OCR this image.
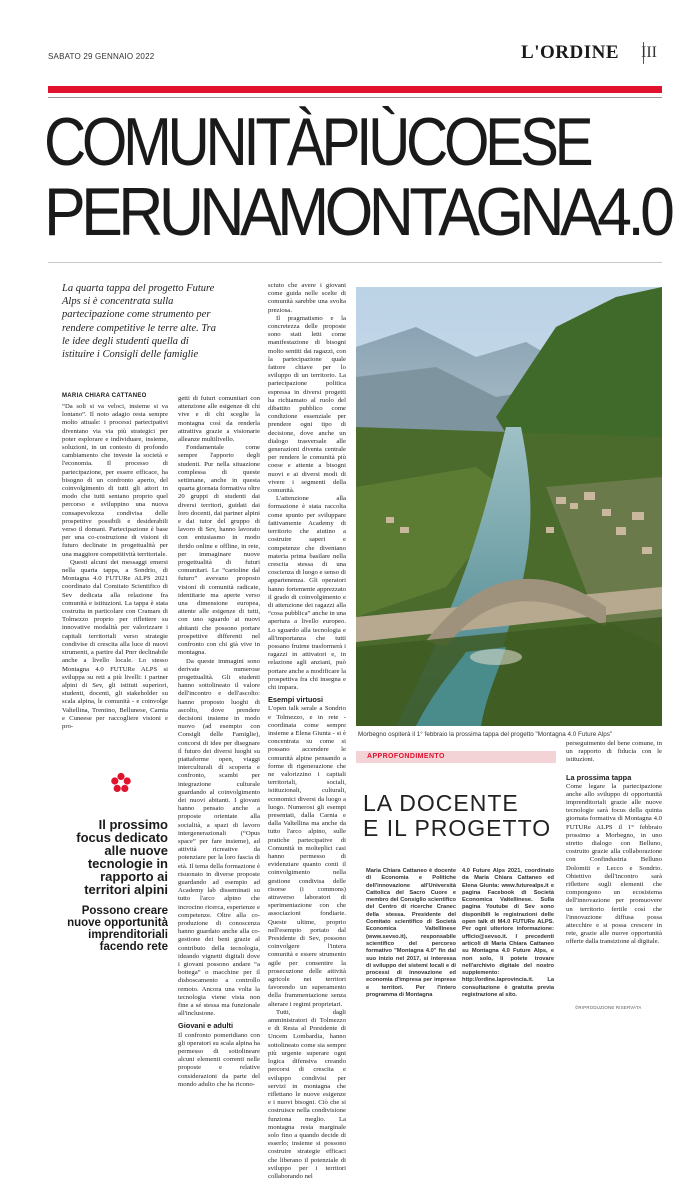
SABATO 29 GENNAIO 2022	L'ORDINE III
COMUNITÀPIÙCOESE
PERUNAMONTAGNA4.0
La quarta tappa del progetto Future Alps si è concentrata sulla partecipazione come strumento per rendere competitive le terre alte. Tra le idee degli studenti quella di istituire i Consigli delle famiglie
MARIA CHIARA CATTANEO

“Da soli si va veloci, insieme si va lontano”. Il noto adagio resta sempre molto attuale: i processi partecipativi diventano via via più strategici per poter esplorare e individuare, insieme, soluzioni, in un contesto di profondo cambiamento che investe la società e l'economia. Il processo di partecipazione, per essere efficace, ha bisogno di un confronto aperto, del coinvolgimento di tutti gli attori in modo che tutti sentano proprio quel percorso e sviluppino una nuova consapevolezza condivisa delle prospettive possibili e desiderabili verso il domani. Partecipazione è base per una co-costruzione di visioni di futuro declinate in progettualità per una maggiore competitività territoriale.

Questi alcuni dei messaggi emersi nella quarta tappa, a Sondrio, di Montagna 4.0 FUTURe ALPS 2021 coordinato dal Comitato Scientifico di Sev dedicata alla relazione fra comunità e istituzioni. La tappa è stata costruita in particolare con Cramars di Tolmezzo proprio per riflettere su innovative modalità per valorizzare i capitali territoriali verso strategie condivise di crescita alla luce di nuovi strumenti, a partire dal Pnrr declinabile anche a livello locale. Lo stesso Montagna 4.0 FUTURe ALPS si sviluppa su reti a più livelli: i partner alpini di Sev, gli istituti superiori, studenti, docenti, gli stakeholder su scala alpina, le comunità - e coinvolge Valtellina, Trentino, Bellunese, Carnia e Cuneese per raccogliere visioni e pro-

Il prossimo focus dedicato alle nuove tecnologie in rapporto ai territori alpini
Possono creare nuove opportunità imprenditoriali facendo rete

getti di futuri comunitari con attenzione alle esigenze di chi vive e di chi sceglie la montagna così da renderla attrattiva grazie a visionarie alleanze multilivello.

Fondamentale come sempre l'apporto degli studenti. Pur nella situazione complessa di queste settimane, anche in questa quarta giornata formativa oltre 20 gruppi di studenti dai diversi territori, guidati dai loro docenti, dai partner alpini e dai tutor del gruppo di lavoro di Sev, hanno lavorato con entusiasmo in modo ibrido online e offline, in rete, per immaginare nuove progettualità di futuri comunitari. Le “cartoline dal futuro” avevano proposto visioni di comunità radicate, identitarie ma aperte verso una dimensione europea, attente alle esigenze di tutti, con uno sguardo ai nuovi abitanti che possono portare prospettive differenti nel confronto con chi già vive in montagna.

Da queste immagini sono derivate numerose progettualità. Gli studenti hanno sottolineato il valore dell'incontro e dell'ascolto: hanno proposto luoghi di ascolto, dove prendere decisioni insieme in modo nuovo (ad esempio con Consigli delle Famiglie), concorsi di idee per disegnare il futuro dei diversi luoghi su piattaforme open, viaggi interculturali di scoperta e confronto, scambi per integrazione culturale guardando al coinvolgimento dei nuovi abitanti. I giovani hanno pensato anche a proposte orientate alla socialità, a spazi di lavoro intergenerazionali (“Opus space” per fare insieme), ad attività ricreative da potenziare per la loro fascia di età. Il tema della formazione è risuonato in diverse proposte guardando ad esempio ad Academy lab disseminati su tutto l'arco alpino che incrocino ricerca, esperienze e competenze. Oltre alla co-produzione di conoscenza hanno guardato anche alla co-gestione dei beni grazie al contributo della tecnologia, ideando vignetti digitali dove i giovani possono andare “a bottega” o macchine per il disboscamento a controllo remoto. Ancora una volta la tecnologia viene vista non fine a sé stessa ma funzionale all'inclusione.

Giovani e adulti

Il confronto pomeridiano con gli operatori su scala alpina ha permesso di sottolineare alcuni elementi correnti nelle proposte e relative considerazioni da parte del mondo adulto che ha ricono-

sciuto che avere i giovani come guida nelle scelte di comunità sarebbe una svolta preziosa.

Il pragmatismo e la concretezza delle proposte sono stati letti come manifestazione di bisogni molto sentiti dai ragazzi, con la partecipazione quale fattore chiave per lo sviluppo di un territorio. La partecipazione politica espressa in diversi progetti ha richiamato al ruolo del dibattito pubblico come condizione essenziale per prendere ogni tipo di decisione, dove anche un dialogo trasversale alle generazioni diventa centrale per rendere le comunità più coese e attente a bisogni nuovi e ai diversi modi di vivere i segmenti della comunità.

L'attenzione alla formazione è stata raccolta come spunto per sviluppare fattivamente Academy di territorio che aiutino a costruire saperi e competenze che diventano materia prima basilare nella crescita stessa di una coscienza di luogo e senso di appartenenza. Gli operatori hanno fortemente apprezzato il grado di coinvolgimento e di attenzione dei ragazzi alla “cosa pubblica” anche in una apertura a livello europeo. Lo sguardo alla tecnologia e all'importanza che tutti possano fruirne trasformerà i ragazzi in attivatori e, in relazione agli anziani, può portare anche a modificare la prospettiva fra chi insegna e chi impara.

Esempi virtuosi

L'open talk serale a Sondrio e Tolmezzo, e in rete - coordinata come sempre insieme a Elena Giunta - si è concentrata su come si possano accendere le comunità alpine pensando a forme di rigenerazione che ne valorizzino i capitali territoriali, sociali, istituzionali, culturali, economici diversi da luogo a luogo. Numerosi gli esempi presentati, dalla Carnia e dalla Valtellina ma anche da tutto l'arco alpino, sulle pratiche partecipative di Comunità in molteplici casi hanno permesso di evidenziare quanto conti il coinvolgimento nella gestione condivisa delle risorse (i commons) attraverso laboratori di sperimentazione con che associazioni fondiarie. Queste ultime, proprio nell'esempio portato dal Presidente di Sev, possono coinvolgere l'intera comunità e essere strumento agile per consentire la prosecuzione delle attività agricole nei territori favorendo un superamento della frammentazione senza alterare i regimi proprietari.

Tutti, dagli amministratori di Tolmezzo e di Resia al Presidente di Uncem Lombardia, hanno sottolineato come sia sempre più urgente superare ogni logica difensiva creando percorsi di crescita e sviluppo condivisi per servizi in montagna che riflettano le nuove esigenze e i nuovi bisogni. Ciò che si costruisce nella condivisione funziona meglio. La montagna resta marginale solo fino a quando decide di esserlo; insieme si possono costruire strategie efficaci che liberano il potenziale di sviluppo per i territori collaborando nel

Morbegno ospiterà il 1° febbraio la prossima tappa del progetto "Montagna 4.0 Future Alps"
APPROFONDIMENTO
LA DOCENTE
E IL PROGETTO
Maria Chiara Cattaneo è docente di Economia e Politiche dell'innovazione all'Università Cattolica del Sacro Cuore e membro del Consiglio scientifico del Centro di ricerche Cranec della stessa. Presidente del Comitato scientifico di Società Economica Valtellinese (www.sevso.it), responsabile scientifico del percorso formativo "Montagna 4.0" fin dal suo inizio nel 2017, si interessa di sviluppo dei sistemi locali e di processi di innovazione ed economia d'impresa per imprese e territori. Per l'intero programma di Montagna
4.0 Future Alps 2021, coordinato da Maria Chiara Cattaneo ed Elena Giunta: www.futurealps.it e pagina Facebook di Società Economica Valtellinese. Sulla pagina Youtube di Sev sono disponibili le registrazioni delle open talk di M4.0 FUTURe ALPS. Per ogni ulteriore informazione: ufficio@sevso.it. I precedenti articoli di Maria Chiara Cattaneo su Montagna 4.0 Future Alps, e non solo, li potete trovare nell'archivio digitale del nostro supplemento: http://ordine.laprovincia.it. La consultazione è gratuita previa registrazione al sito.

perseguimento del bene comune, in un rapporto di fiducia con le istituzioni.

La prossima tappa

Come legare la partecipazione anche allo sviluppo di opportunità imprenditoriali grazie alle nuove tecnologie sarà focus della quinta giornata formativa di Montagna 4.0 FUTURe ALPS il 1° febbraio prossimo a Morbegno, in uno stretto dialogo con Belluno, costruito grazie alla collaborazione con Confindustria Belluno Dolomiti e Lecco e Sondrio. Obiettivo dell'incontro sarà riflettere sugli elementi che compongono un ecosistema dell'innovazione per promuovere un territorio fertile così che l'innovazione diffusa possa attecchire e si possa crescere in rete, grazie alle nuove opportunità offerte dalla transizione al digitale.

©RIPRODUZIONE RISERVATA
